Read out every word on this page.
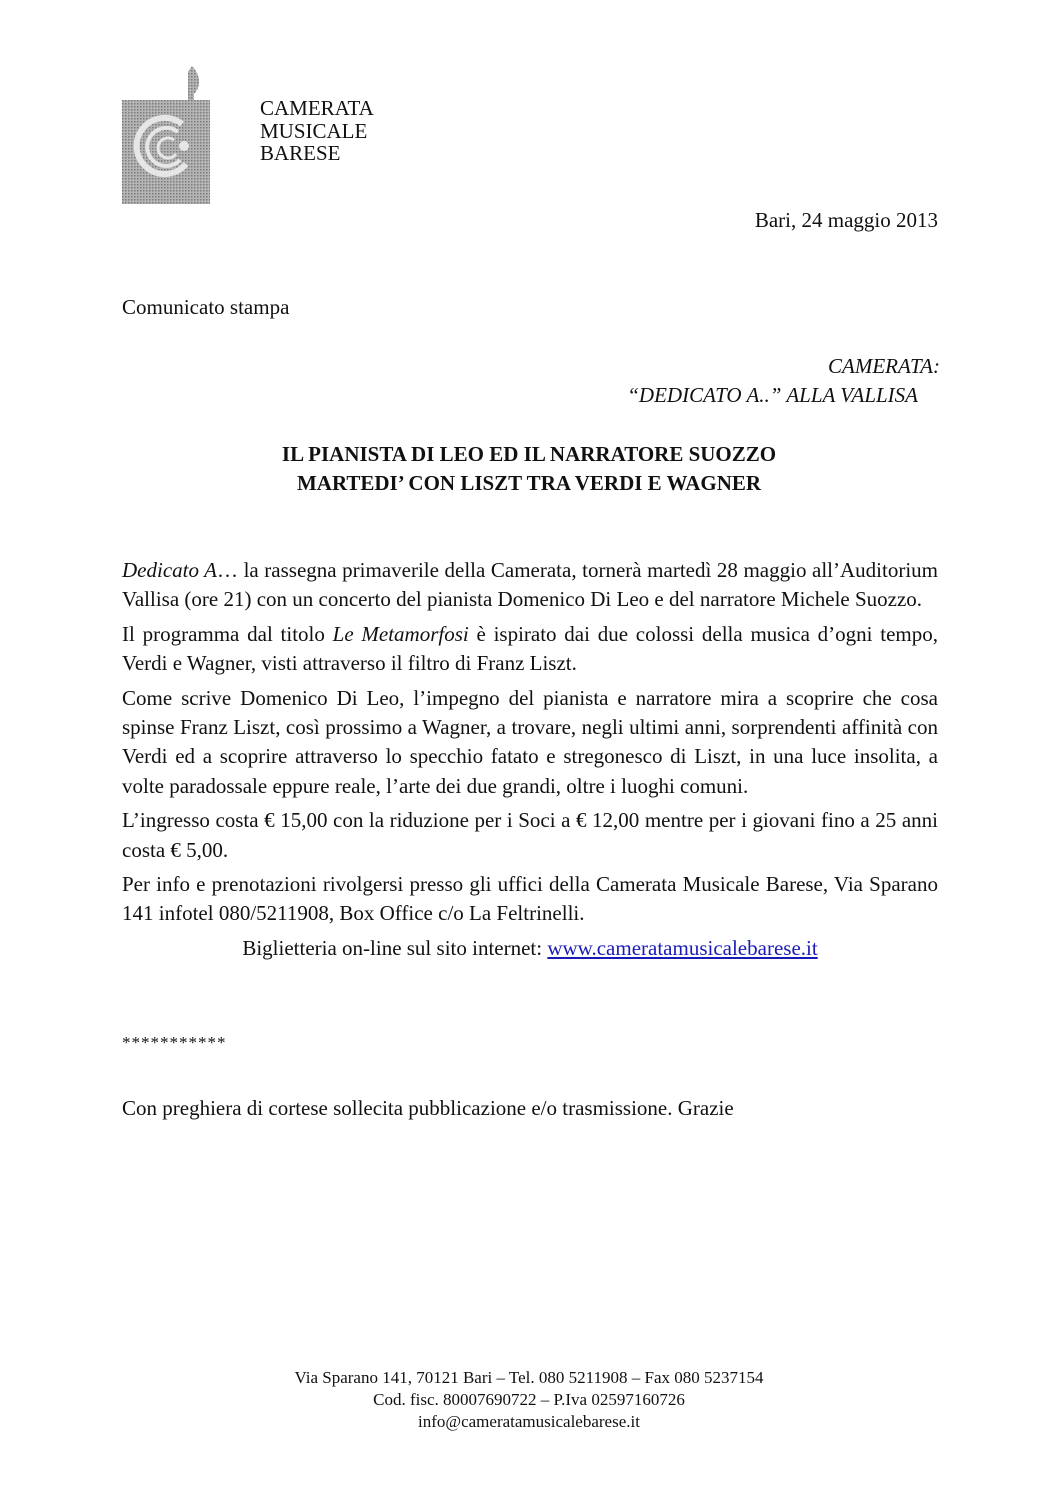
CAMERATA
MUSICALE
BARESE
Bari, 24 maggio 2013
Comunicato stampa
CAMERATA:
“DEDICATO A..” ALLA VALLISA
IL PIANISTA DI LEO ED IL NARRATORE SUOZZO
MARTEDI’ CON LISZT TRA VERDI E WAGNER

Dedicato A… la rassegna primaverile della Camerata, tornerà martedì 28 maggio all’Auditorium Vallisa (ore 21) con un concerto del pianista Domenico Di Leo e del narratore Michele Suozzo.

Il programma dal titolo Le Metamorfosi è ispirato dai due colossi della musica d’ogni tempo, Verdi e Wagner, visti attraverso il filtro di Franz Liszt.

Come scrive Domenico Di Leo, l’impegno del pianista e narratore mira a scoprire che cosa spinse Franz Liszt, così prossimo a Wagner, a trovare, negli ultimi anni, sorprendenti affinità con Verdi ed a scoprire attraverso lo specchio fatato e stregonesco di Liszt, in una luce insolita, a volte paradossale eppure reale, l’arte dei due grandi, oltre i luoghi comuni.

L’ingresso costa € 15,00 con la riduzione per i Soci a € 12,00 mentre per i giovani fino a 25 anni costa € 5,00.

Per info e prenotazioni rivolgersi presso gli uffici della Camerata Musicale Barese, Via Sparano 141 infotel 080/5211908, Box Office c/o La Feltrinelli.

Biglietteria on-line sul sito internet: www.cameratamusicalebarese.it

***********
Con preghiera di cortese sollecita pubblicazione e/o trasmissione. Grazie
Via Sparano 141, 70121 Bari – Tel. 080 5211908 – Fax 080 5237154
Cod. fisc. 80007690722 – P.Iva 02597160726
info@cameratamusicalebarese.it
